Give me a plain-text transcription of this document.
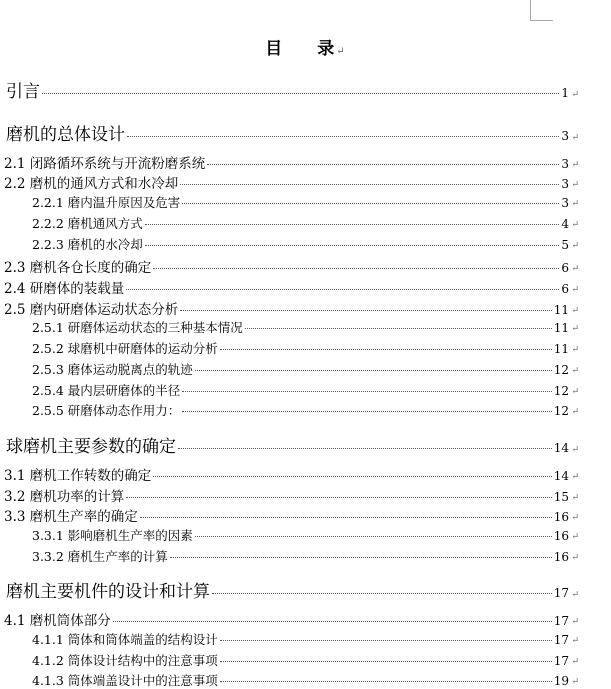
目 录↵
引言	1 ↵
磨机的总体设计	3 ↵
2.1 闭路循环系统与开流粉磨系统	3 ↵
2.2 磨机的通风方式和水冷却	3 ↵
2.2.1 磨内温升原因及危害	3 ↵
2.2.2 磨机通风方式	4 ↵
2.2.3 磨机的水冷却	5 ↵
2.3 磨机各仓长度的确定	6 ↵
2.4 研磨体的装载量	6 ↵
2.5 磨内研磨体运动状态分析	11 ↵
2.5.1 研磨体运动状态的三种基本情况	11 ↵
2.5.2 球磨机中研磨体的运动分析	11 ↵
2.5.3 磨体运动脱离点的轨迹	12 ↵
2.5.4 最内层研磨体的半径	12 ↵
2.5.5 研磨体动态作用力：	12 ↵
球磨机主要参数的确定	14 ↵
3.1 磨机工作转数的确定	14 ↵
3.2 磨机功率的计算	15 ↵
3.3 磨机生产率的确定	16 ↵
3.3.1 影响磨机生产率的因素	16 ↵
3.3.2 磨机生产率的计算	16 ↵
磨机主要机件的设计和计算	17 ↵
4.1 磨机筒体部分	17 ↵
4.1.1 筒体和筒体端盖的结构设计	17 ↵
4.1.2 筒体设计结构中的注意事项	17 ↵
4.1.3 筒体端盖设计中的注意事项	19 ↵
